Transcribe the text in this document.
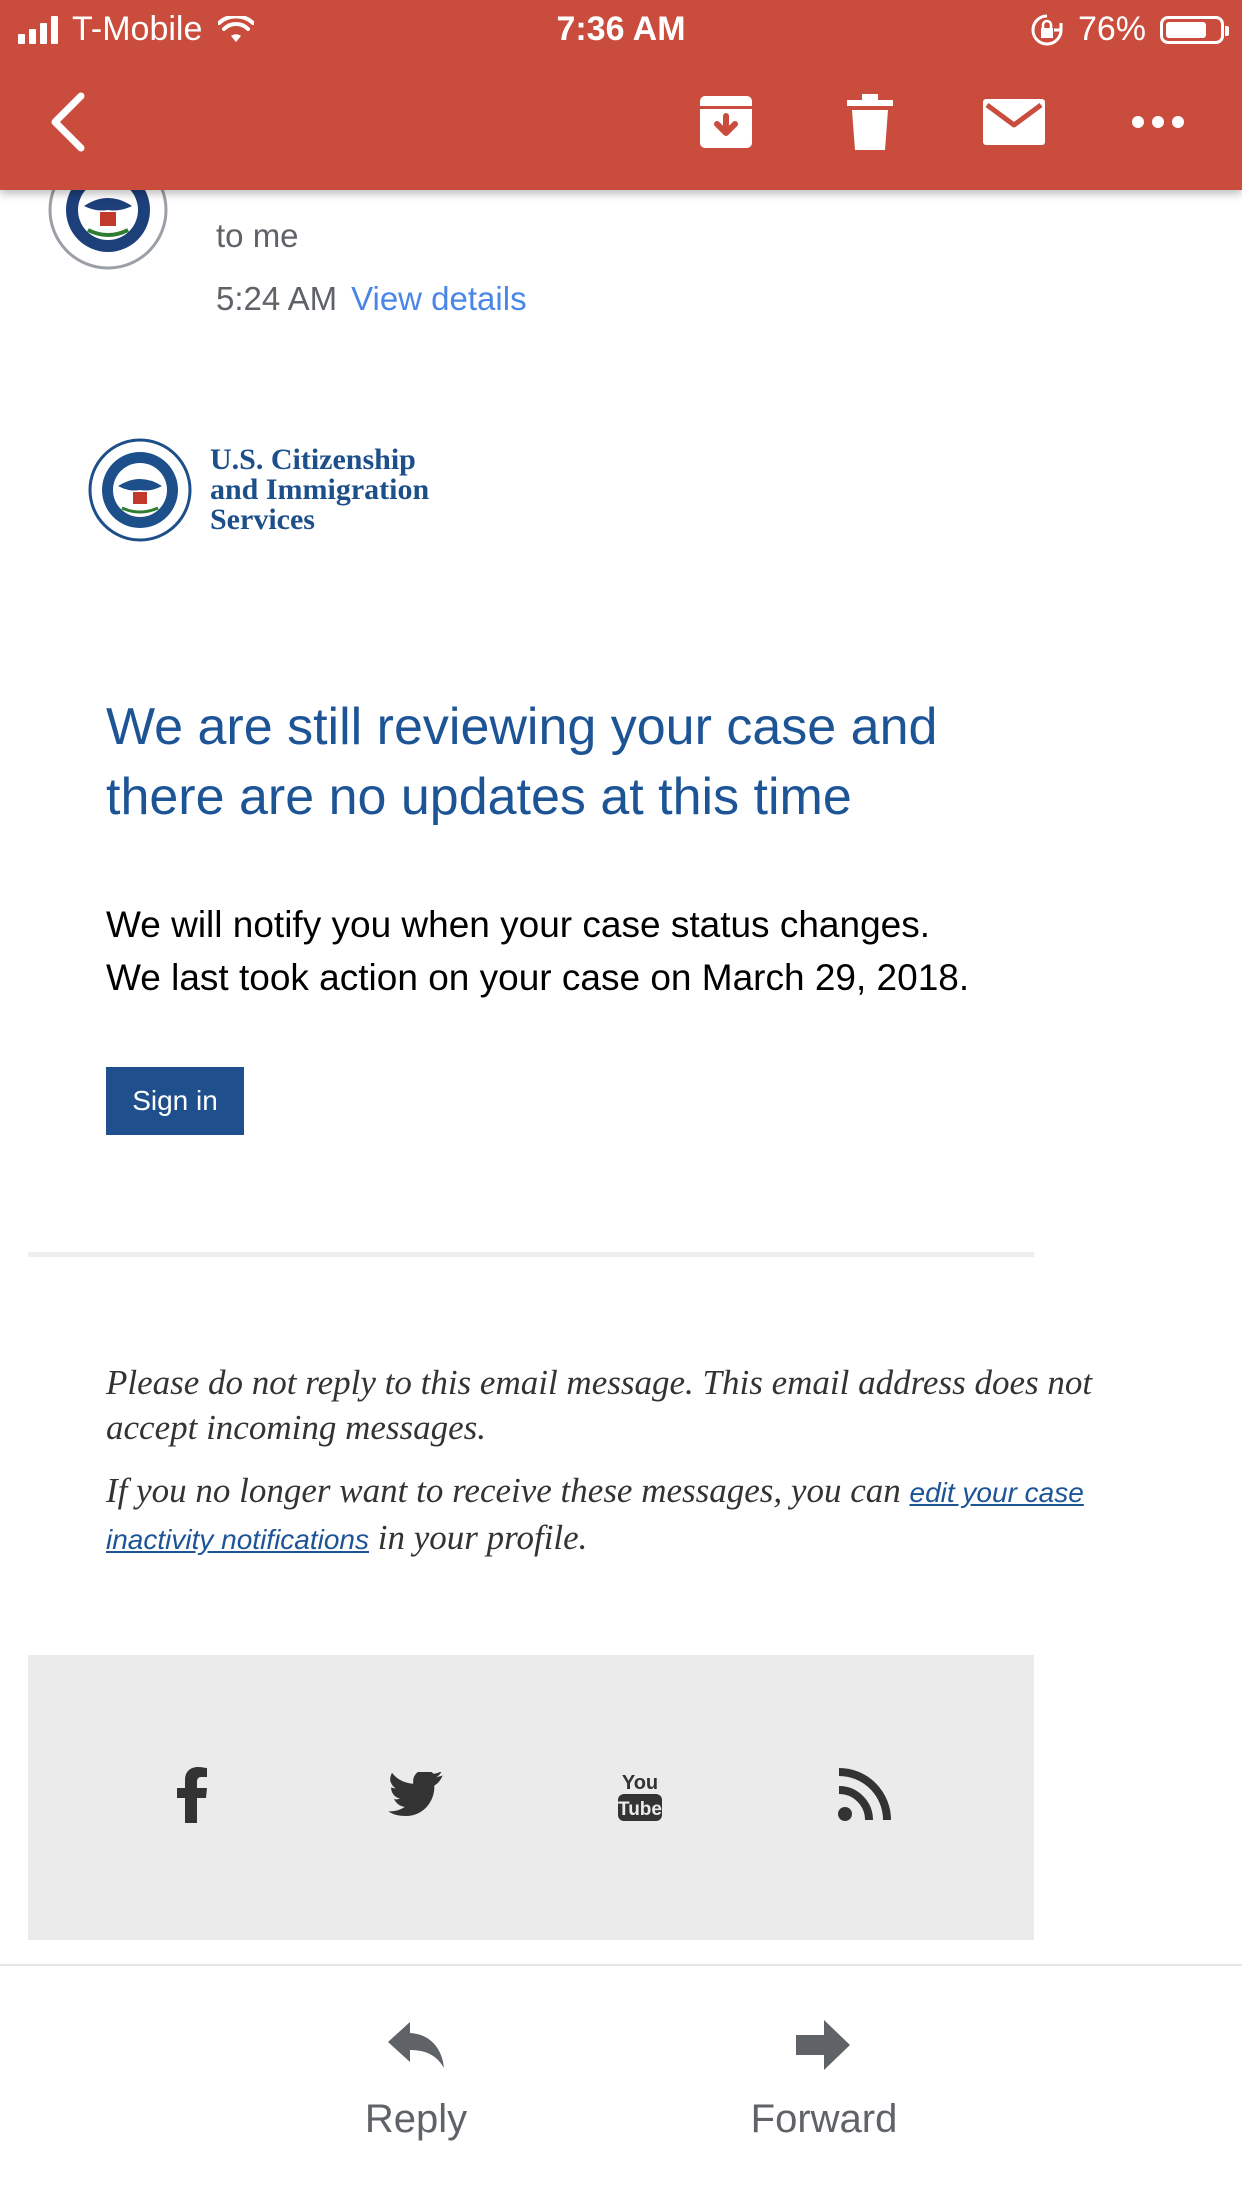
T-Mobile	7:36 AM	76%
to me
5:24 AM View details
U.S. Citizenship
and Immigration
Services
We are still reviewing your case and
there are no updates at this time
We will notify you when your case status changes.
We last took action on your case on March 29, 2018.
Sign in

Please do not reply to this email message. This email address does not accept incoming messages.

If you no longer want to receive these messages, you can edit your case inactivity notifications in your profile.

You
Tube
Reply	Forward
